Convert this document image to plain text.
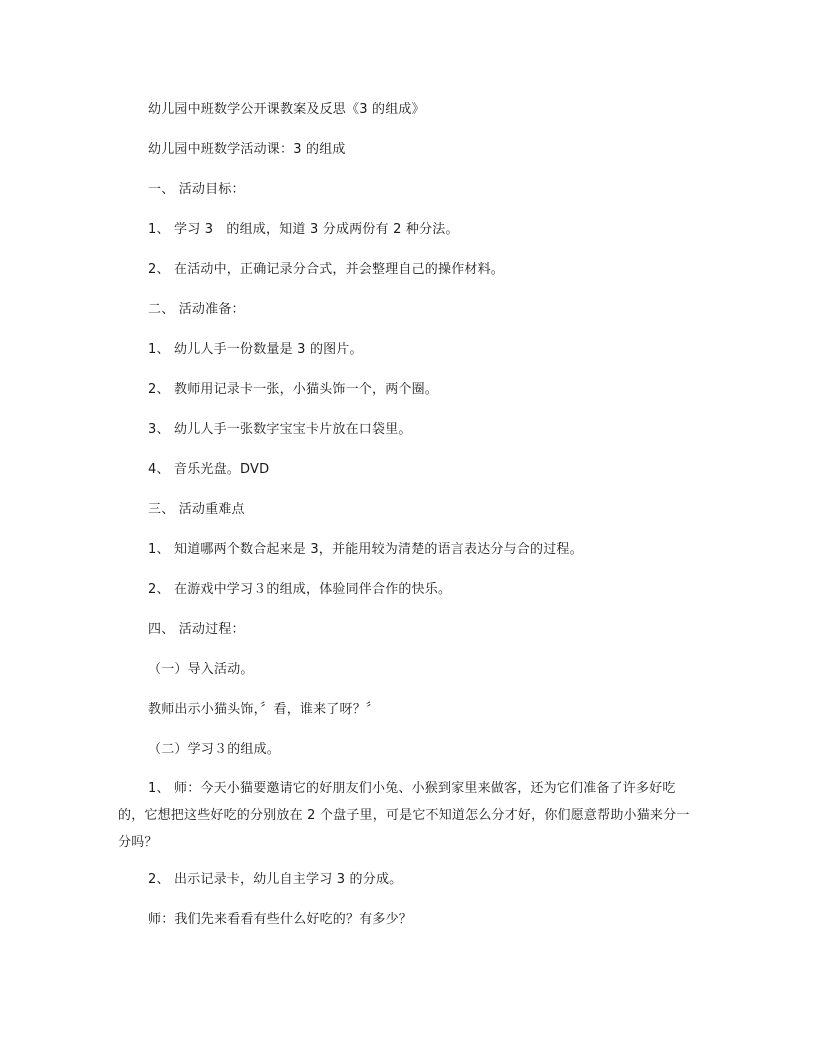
幼儿园中班数学公开课教案及反思《3 的组成》
幼儿园中班数学活动课：3 的组成
一、 活动目标：
1、 学习 3　的组成，知道 3 分成两份有 2 种分法。
2、 在活动中，正确记录分合式，并会整理自己的操作材料。
二、 活动准备：
1、 幼儿人手一份数量是 3 的图片。
2、 教师用记录卡一张，小猫头饰一个，两个圈。
3、 幼儿人手一张数字宝宝卡片放在口袋里。
4、 音乐光盘。DVD
三、 活动重难点
1、 知道哪两个数合起来是 3，并能用较为清楚的语言表达分与合的过程。
2、 在游戏中学习３的组成，体验同伴合作的快乐。
四、 活动过程：
（一）导入活动。
教师出示小猫头饰，〞看，谁来了呀？〞
（二）学习３的组成。
1、 师：今天小猫要邀请它的好朋友们小兔、小猴到家里来做客，还为它们准备了许多好吃的，它想把这些好吃的分别放在 2 个盘子里，可是它不知道怎么分才好，你们愿意帮助小猫来分一分吗？
2、 出示记录卡，幼儿自主学习 3 的分成。
师：我们先来看看有些什么好吃的？有多少？
